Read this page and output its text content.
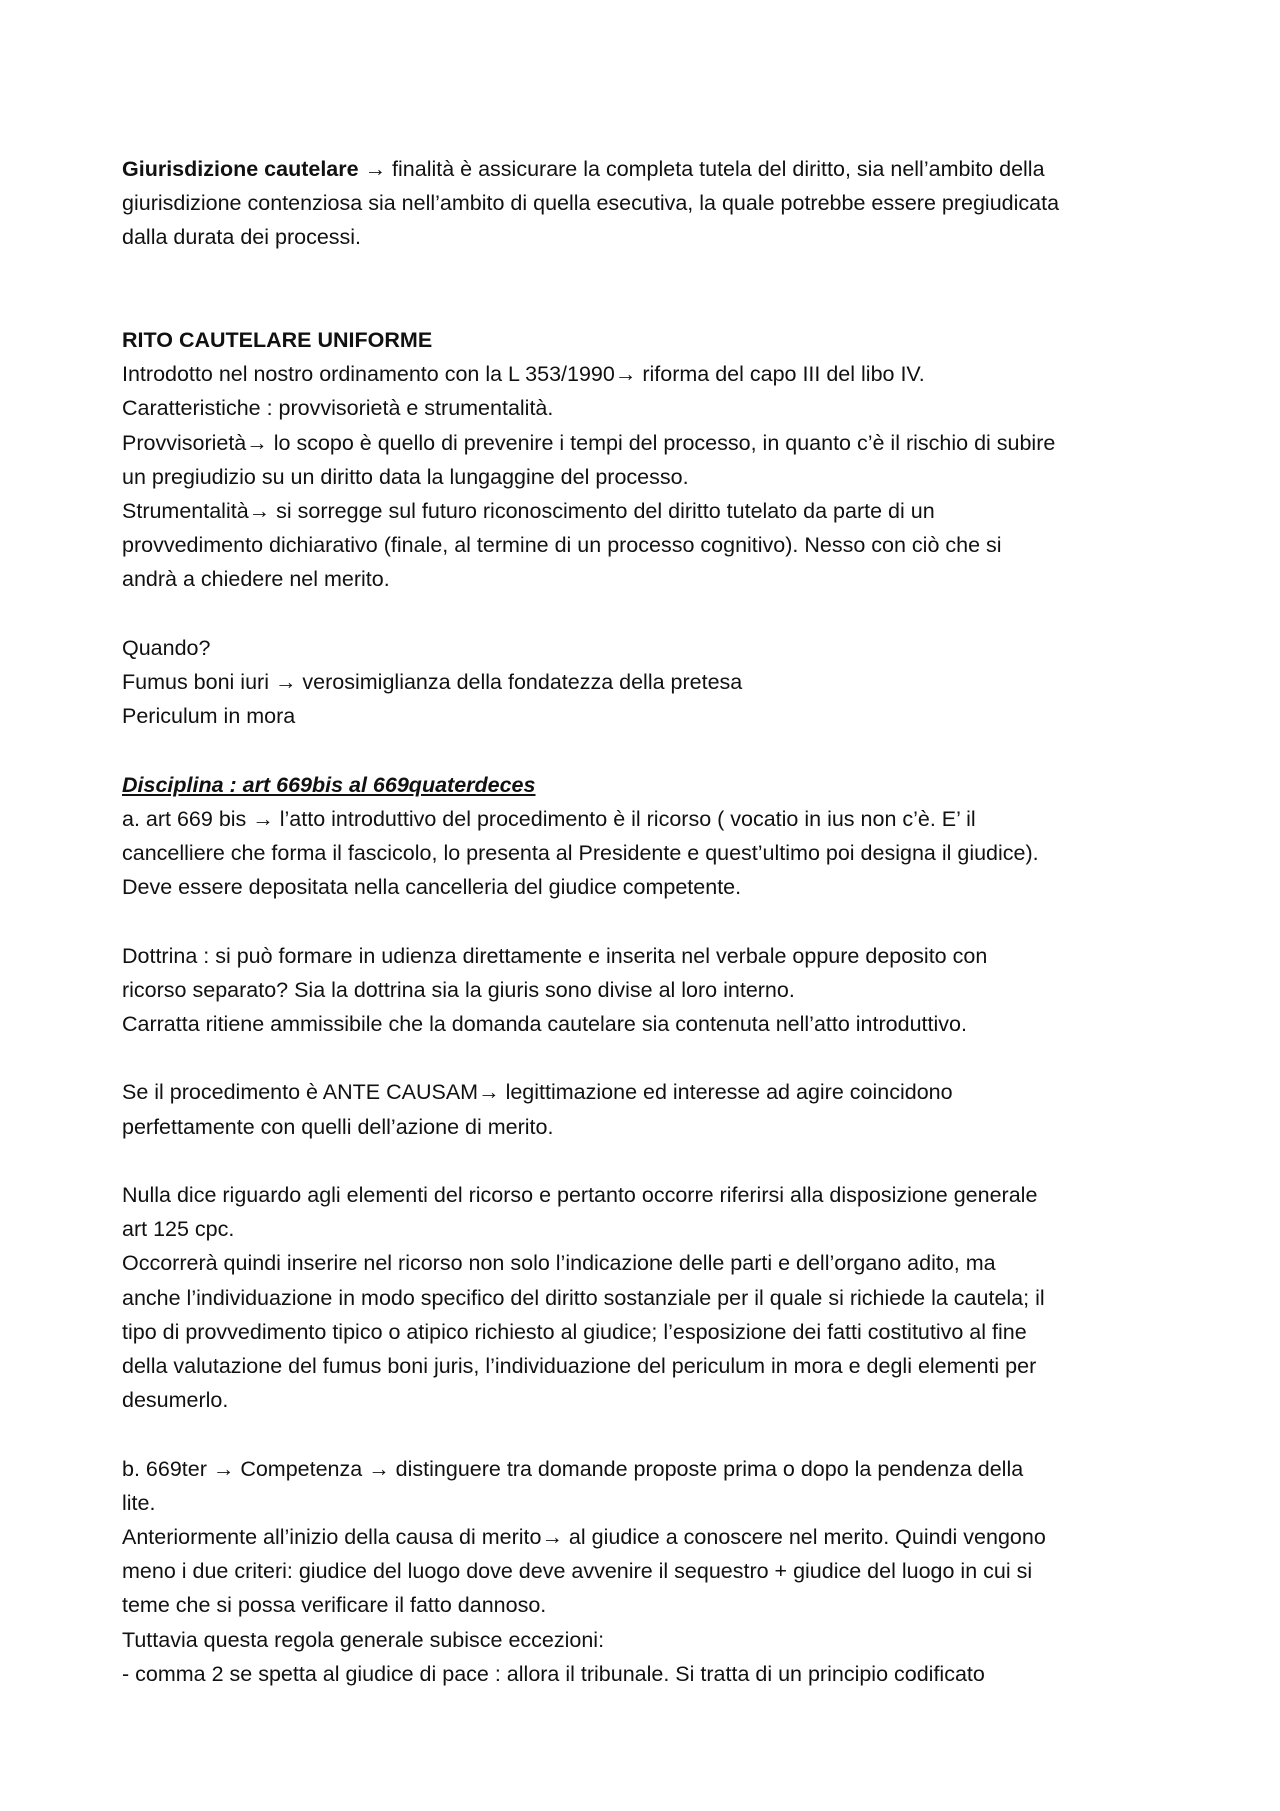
Giurisdizione cautelare → finalità è assicurare la completa tutela del diritto, sia nell’ambito della

giurisdizione contenziosa sia nell’ambito di quella esecutiva, la quale potrebbe essere pregiudicata

dalla durata dei processi.

RITO CAUTELARE UNIFORME

Introdotto nel nostro ordinamento con la L 353/1990→ riforma del capo III del libo IV.

Caratteristiche : provvisorietà e strumentalità.

Provvisorietà→ lo scopo è quello di prevenire i tempi del processo, in quanto c’è il rischio di subire

un pregiudizio su un diritto data la lungaggine del processo.

Strumentalità→ si sorregge sul futuro riconoscimento del diritto tutelato da parte di un

provvedimento dichiarativo (finale, al termine di un processo cognitivo). Nesso con ciò che si

andrà a chiedere nel merito.

Quando?

Fumus boni iuri → verosimiglianza della fondatezza della pretesa

Periculum in mora

Disciplina : art 669bis al 669quaterdeces

a. art 669 bis → l’atto introduttivo del procedimento è il ricorso ( vocatio in ius non c’è. E’ il

cancelliere che forma il fascicolo, lo presenta al Presidente e quest’ultimo poi designa il giudice).

Deve essere depositata nella cancelleria del giudice competente.

Dottrina : si può formare in udienza direttamente e inserita nel verbale oppure deposito con

ricorso separato? Sia la dottrina sia la giuris sono divise al loro interno.

Carratta ritiene ammissibile che la domanda cautelare sia contenuta nell’atto introduttivo.

Se il procedimento è ANTE CAUSAM→ legittimazione ed interesse ad agire coincidono

perfettamente con quelli dell’azione di merito.

Nulla dice riguardo agli elementi del ricorso e pertanto occorre riferirsi alla disposizione generale

art 125 cpc.

Occorrerà quindi inserire nel ricorso non solo l’indicazione delle parti e dell’organo adito, ma

anche l’individuazione in modo specifico del diritto sostanziale per il quale si richiede la cautela; il

tipo di provvedimento tipico o atipico richiesto al giudice; l’esposizione dei fatti costitutivo al fine

della valutazione del fumus boni juris, l’individuazione del periculum in mora e degli elementi per

desumerlo.

b. 669ter → Competenza → distinguere tra domande proposte prima o dopo la pendenza della

lite.

Anteriormente all’inizio della causa di merito→ al giudice a conoscere nel merito. Quindi vengono

meno i due criteri: giudice del luogo dove deve avvenire il sequestro + giudice del luogo in cui si

teme che si possa verificare il fatto dannoso.

Tuttavia questa regola generale subisce eccezioni:

- comma 2 se spetta al giudice di pace : allora il tribunale. Si tratta di un principio codificato
